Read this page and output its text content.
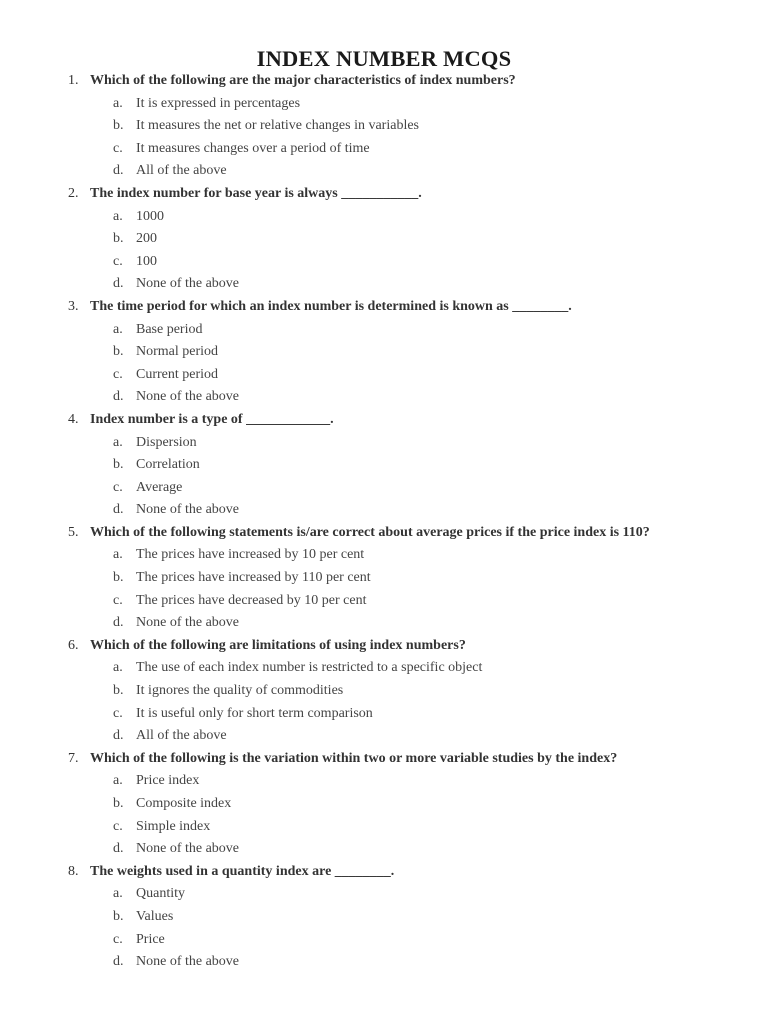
INDEX NUMBER MCQS
1. Which of the following are the major characteristics of index numbers?
a. It is expressed in percentages
b. It measures the net or relative changes in variables
c. It measures changes over a period of time
d. All of the above
2. The index number for base year is always ___________.
a. 1000
b. 200
c. 100
d. None of the above
3. The time period for which an index number is determined is known as ________.
a. Base period
b. Normal period
c. Current period
d. None of the above
4. Index number is a type of ____________.
a. Dispersion
b. Correlation
c. Average
d. None of the above
5. Which of the following statements is/are correct about average prices if the price index is 110?
a. The prices have increased by 10 per cent
b. The prices have increased by 110 per cent
c. The prices have decreased by 10 per cent
d. None of the above
6. Which of the following are limitations of using index numbers?
a. The use of each index number is restricted to a specific object
b. It ignores the quality of commodities
c. It is useful only for short term comparison
d. All of the above
7. Which of the following is the variation within two or more variable studies by the index?
a. Price index
b. Composite index
c. Simple index
d. None of the above
8. The weights used in a quantity index are ________.
a. Quantity
b. Values
c. Price
d. None of the above
